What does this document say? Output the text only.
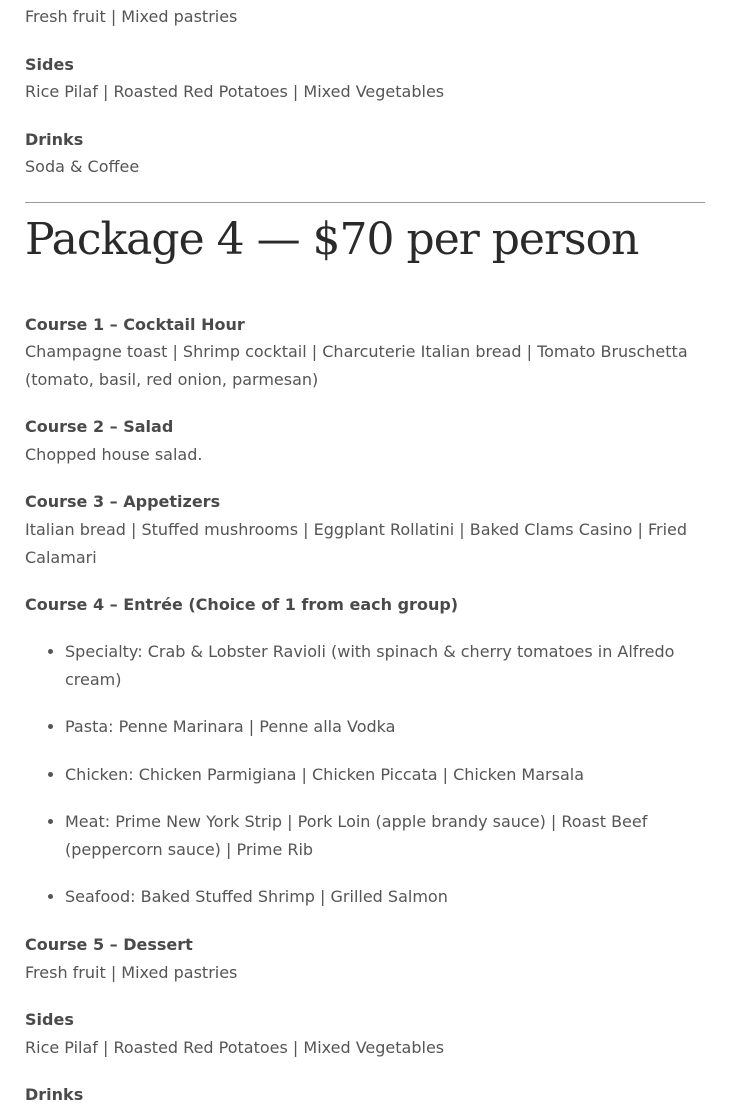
Fresh fruit | Mixed pastries

Sides

Rice Pilaf | Roasted Red Potatoes | Mixed Vegetables

Drinks

Soda & Coffee

Package 4 — $70 per person

Course 1 – Cocktail Hour

Champagne toast | Shrimp cocktail | Charcuterie Italian bread | Tomato Bruschetta (tomato, basil, red onion, parmesan)

Course 2 – Salad

Chopped house salad.

Course 3 – Appetizers

Italian bread | Stuffed mushrooms | Eggplant Rollatini | Baked Clams Casino | Fried Calamari

Course 4 – Entrée (Choice of 1 from each group)

• Specialty: Crab & Lobster Ravioli (with spinach & cherry tomatoes in Alfredo cream)
• Pasta: Penne Marinara | Penne alla Vodka
• Chicken: Chicken Parmigiana | Chicken Piccata | Chicken Marsala
• Meat: Prime New York Strip | Pork Loin (apple brandy sauce) | Roast Beef (peppercorn sauce) | Prime Rib
• Seafood: Baked Stuffed Shrimp | Grilled Salmon

Course 5 – Dessert

Fresh fruit | Mixed pastries

Sides

Rice Pilaf | Roasted Red Potatoes | Mixed Vegetables

Drinks
